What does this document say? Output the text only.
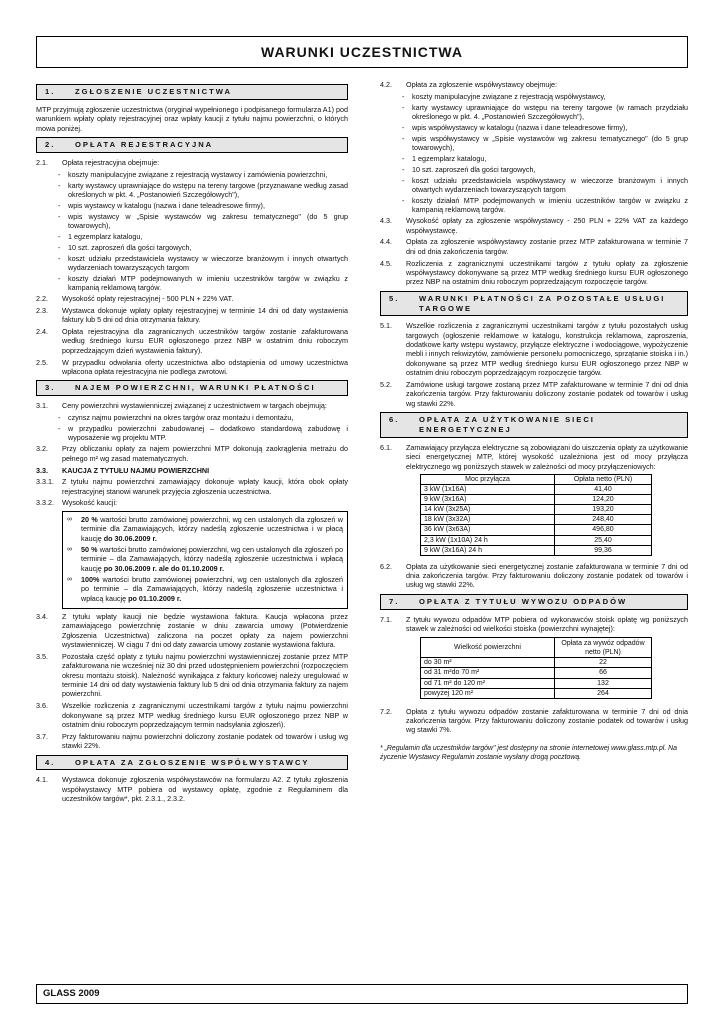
WARUNKI UCZESTNICTWA
1.	ZGŁOSZENIE UCZESTNICTWA
MTP przyjmują zgłoszenie uczestnictwa (oryginał wypełnionego i podpisanego formularza A1) pod warunkiem wpłaty opłaty rejestracyjnej oraz wpłaty kaucji z tytułu najmu powierzchni, o których mowa poniżej.
2.	OPŁATA REJESTRACYJNA
2.1.	Opłata rejestracyjna obejmuje:
-	koszty manipulacyjne związane z rejestracją wystawcy i zamówienia powierzchni,
-	karty wystawcy uprawniające do wstępu na tereny targowe (przyznawane według zasad określonych w pkt. 4. „Postanowień Szczegółowych"),
-	wpis wystawcy w katalogu (nazwa i dane teleadresowe firmy),
-	wpis wystawcy w „Spisie wystawców wg zakresu tematycznego" (do 5 grup towarowych),
-	1 egzemplarz katalogu,
-	10 szt. zaproszeń dla gości targowych,
-	koszt udziału przedstawiciela wystawcy w wieczorze branżowym i innych otwartych wydarzeniach towarzyszących targom
-	koszty działań MTP podejmowanych w imieniu uczestników targów w związku z kampanią reklamową targów.
2.2.	Wysokość opłaty rejestracyjnej - 500 PLN + 22% VAT.
2.3.	Wystawca dokonuje wpłaty opłaty rejestracyjnej w terminie 14 dni od daty wystawienia faktury lub 5 dni od dnia otrzymania faktury.
2.4.	Opłata rejestracyjna dla zagranicznych uczestników targów zostanie zafakturowana według średniego kursu EUR ogłoszonego przez NBP w ostatnim dniu roboczym poprzedzającym dzień wystawienia faktury).
2.5.	W przypadku odwołania oferty uczestnictwa albo odstąpienia od umowy uczestnictwa wpłacona opłata rejestracyjna nie podlega zwrotowi.
3.	NAJEM POWIERZCHNI, WARUNKI PŁATNOŚCI
3.1.	Ceny powierzchni wystawienniczej związanej z uczestnictwem w targach obejmują:
-	czynsz najmu powierzchni na okres targów oraz montażu i demontażu,
-	w przypadku powierzchni zabudowanej – dodatkowo standardową zabudowę i wyposażenie wg projektu MTP.
3.2.	Przy obliczaniu opłaty za najem powierzchni MTP dokonują zaokrąglenia metrażu do pełnego m² wg zasad matematycznych.
3.3.	KAUCJA Z TYTUŁU NAJMU POWIERZCHNI
3.3.1.	Z tytułu najmu powierzchni zamawiający dokonuje wpłaty kaucji, która obok opłaty rejestracyjnej stanowi warunek przyjęcia zgłoszenia uczestnictwa.
3.3.2.	Wysokość kaucji:
∞	20 % wartości brutto zamówionej powierzchni, wg cen ustalonych dla zgłoszeń w terminie dla Zamawiających, którzy nadeślą zgłoszenie uczestnictwa i w płacą kaucję do 30.06.2009 r.
∞	50 % wartości brutto zamówionej powierzchni, wg cen ustalonych dla zgłoszeń po terminie – dla Zamawiających, którzy nadeślą zgłoszenie uczestnictwa i wpłacą kaucję po 30.06.2009 r. ale do 01.10.2009 r.
∞	100% wartości brutto zamówionej powierzchni, wg cen ustalonych dla zgłoszeń po terminie – dla Zamawiających, którzy nadeślą zgłoszenie uczestnictwa i wpłacą kaucję po 01.10.2009 r.
3.4.	Z tytułu wpłaty kaucji nie będzie wystawiona faktura. Kaucja wpłacona przez zamawiającego powierzchnię zostanie w dniu zawarcia umowy (Potwierdzenie Zgłoszenia Uczestnictwa) zaliczona na poczet opłaty za najem powierzchni wystawienniczej. W ciągu 7 dni od daty zawarcia umowy zostanie wystawiona faktura.
3.5.	Pozostała część opłaty z tytułu najmu powierzchni wystawienniczej zostanie przez MTP zafakturowana nie wcześniej niż 30 dni przed udostępnieniem powierzchni (rozpoczęciem okresu montażu stoisk). Należność wynikająca z faktury końcowej należy uregulować w terminie 14 dni od daty wystawienia faktury lub 5 dni od dnia otrzymania faktury za najem powierzchni.
3.6.	Wszelkie rozliczenia z zagranicznymi uczestnikami targów z tytułu najmu powierzchni dokonywane są przez MTP według średniego kursu EUR ogłoszonego przez NBP w ostatnim dniu roboczym poprzedzającym termin nadsyłania zgłoszeń).
3.7.	Przy fakturowaniu najmu powierzchni doliczony zostanie podatek od towarów i usług wg stawki 22%.
4.	OPŁATA ZA ZGŁOSZENIE WSPÓŁWYSTAWCY
4.1.	Wystawca dokonuje zgłoszenia współwystawców na formularzu A2. Z tytułu zgłoszenia współwystawcy MTP pobiera od wystawcy opłatę, zgodnie z Regulaminem dla uczestników targów*, pkt. 2.3.1., 2.3.2.
4.2.	Opłata za zgłoszenie współwystawcy obejmuje:
-	koszty manipulacyjne związane z rejestracją współwystawcy,
-	karty wystawcy uprawniające do wstępu na tereny targowe (w ramach przydziału określonego w pkt. 4. „Postanowień Szczegółowych"),
-	wpis współwystawcy w katalogu (nazwa i dane teleadresowe firmy),
-	wpis współwystawcy w „Spisie wystawców wg zakresu tematycznego" (do 5 grup towarowych),
-	1 egzemplarz katalogu,
-	10 szt. zaproszeń dla gości targowych,
-	koszt udziału przedstawiciela współwystawcy w wieczorze branżowym i innych otwartych wydarzeniach towarzyszących targom
-	koszty działań MTP podejmowanych w imieniu uczestników targów w związku z kampanią reklamową targów.
4.3.	Wysokość opłaty za zgłoszenie współwystawcy - 250 PLN + 22% VAT za każdego współwystawcę.
4.4.	Opłata za zgłoszenie współwystawcy zostanie przez MTP zafakturowana w terminie 7 dni od dnia zakończenia targów.
4.5.	Rozliczenia z zagranicznymi uczestnikami targów z tytułu opłaty za zgłoszenie współwystawcy dokonywane są przez MTP według średniego kursu EUR ogłoszonego przez NBP na ostatnim dniu roboczym poprzedzającym rozpoczęcie targów.
5.	WARUNKI PŁATNOŚCI ZA POZOSTAŁE USŁUGI TARGOWE
5.1.	Wszelkie rozliczenia z zagranicznymi uczestnikami targów z tytułu pozostałych usług targowych (ogłoszenie reklamowe w katalogu, konstrukcja reklamowa, zaproszenia, dodatkowe karty wstępu wystawcy, przyłącze elektryczne i wodociągowe, wypożyczenie mebli i innych rekwizytów, zamówienie personelu pomocniczego, sprzątanie stoiska i in.) dokonywane są przez MTP według średniego kursu EUR ogłoszonego przez NBP w ostatnim dniu roboczym poprzedzającym rozpoczęcie targów.
5.2.	Zamówione usługi targowe zostaną przez MTP zafakturowane w terminie 7 dni od dnia zakończenia targów. Przy fakturowaniu doliczony zostanie podatek od towarów i usług wg stawki 22%.
6.	OPŁATA ZA UŻYTKOWANIE SIECI ENERGETYCZNEJ
6.1.	Zamawiający przyłącza elektryczne są zobowiązani do uiszczenia opłaty za użytkowanie sieci energetycznej MTP, której wysokość uzależniona jest od mocy przyłącza elektrycznego wg poniższych stawek w zależności od mocy przyłączeniowych:
Moc przyłącza	Opłata netto (PLN)
3 kW (1x16A)	41,40
9 kW (3x16A)	124,20
14 kW (3x25A)	193,20
18 kW (3x32A)	248,40
36 kW (3x63A)	496,80
2,3 kW (1x10A) 24 h	25,40
9 kW (3x16A) 24 h	99,36
6.2.	Opłata za użytkowanie sieci energetycznej zostanie zafakturowana w terminie 7 dni od dnia zakończenia targów. Przy fakturowaniu doliczony zostanie podatek od towarów i usług wg stawki 22%.
7.	OPŁATA Z TYTUŁU WYWOZU ODPADÓW
7.1.	Z tytułu wywozu odpadów MTP pobiera od wykonawców stoisk opłatę wg poniższych stawek w zależności od wielkości stoiska (powierzchni wynajętej):
Wielkość powierzchni	Opłata za wywóz odpadów netto (PLN)
do 30 m²	22
od 31 m²do 70 m²	66
od 71 m² do 120 m²	132
powyżej 120 m²	264
7.2.	Opłata z tytułu wywozu odpadów zostanie zafakturowana w terminie 7 dni od dnia zakończenia targów. Przy fakturowaniu doliczony zostanie podatek od towarów i usług wg stawki 7%.
* „Regulamin dla uczestników targów" jest dostępny na stronie internetowej www.glass.mtp.pl. Na życzenie Wystawcy Regulamin zostanie wysłany drogą pocztową.
GLASS 2009
